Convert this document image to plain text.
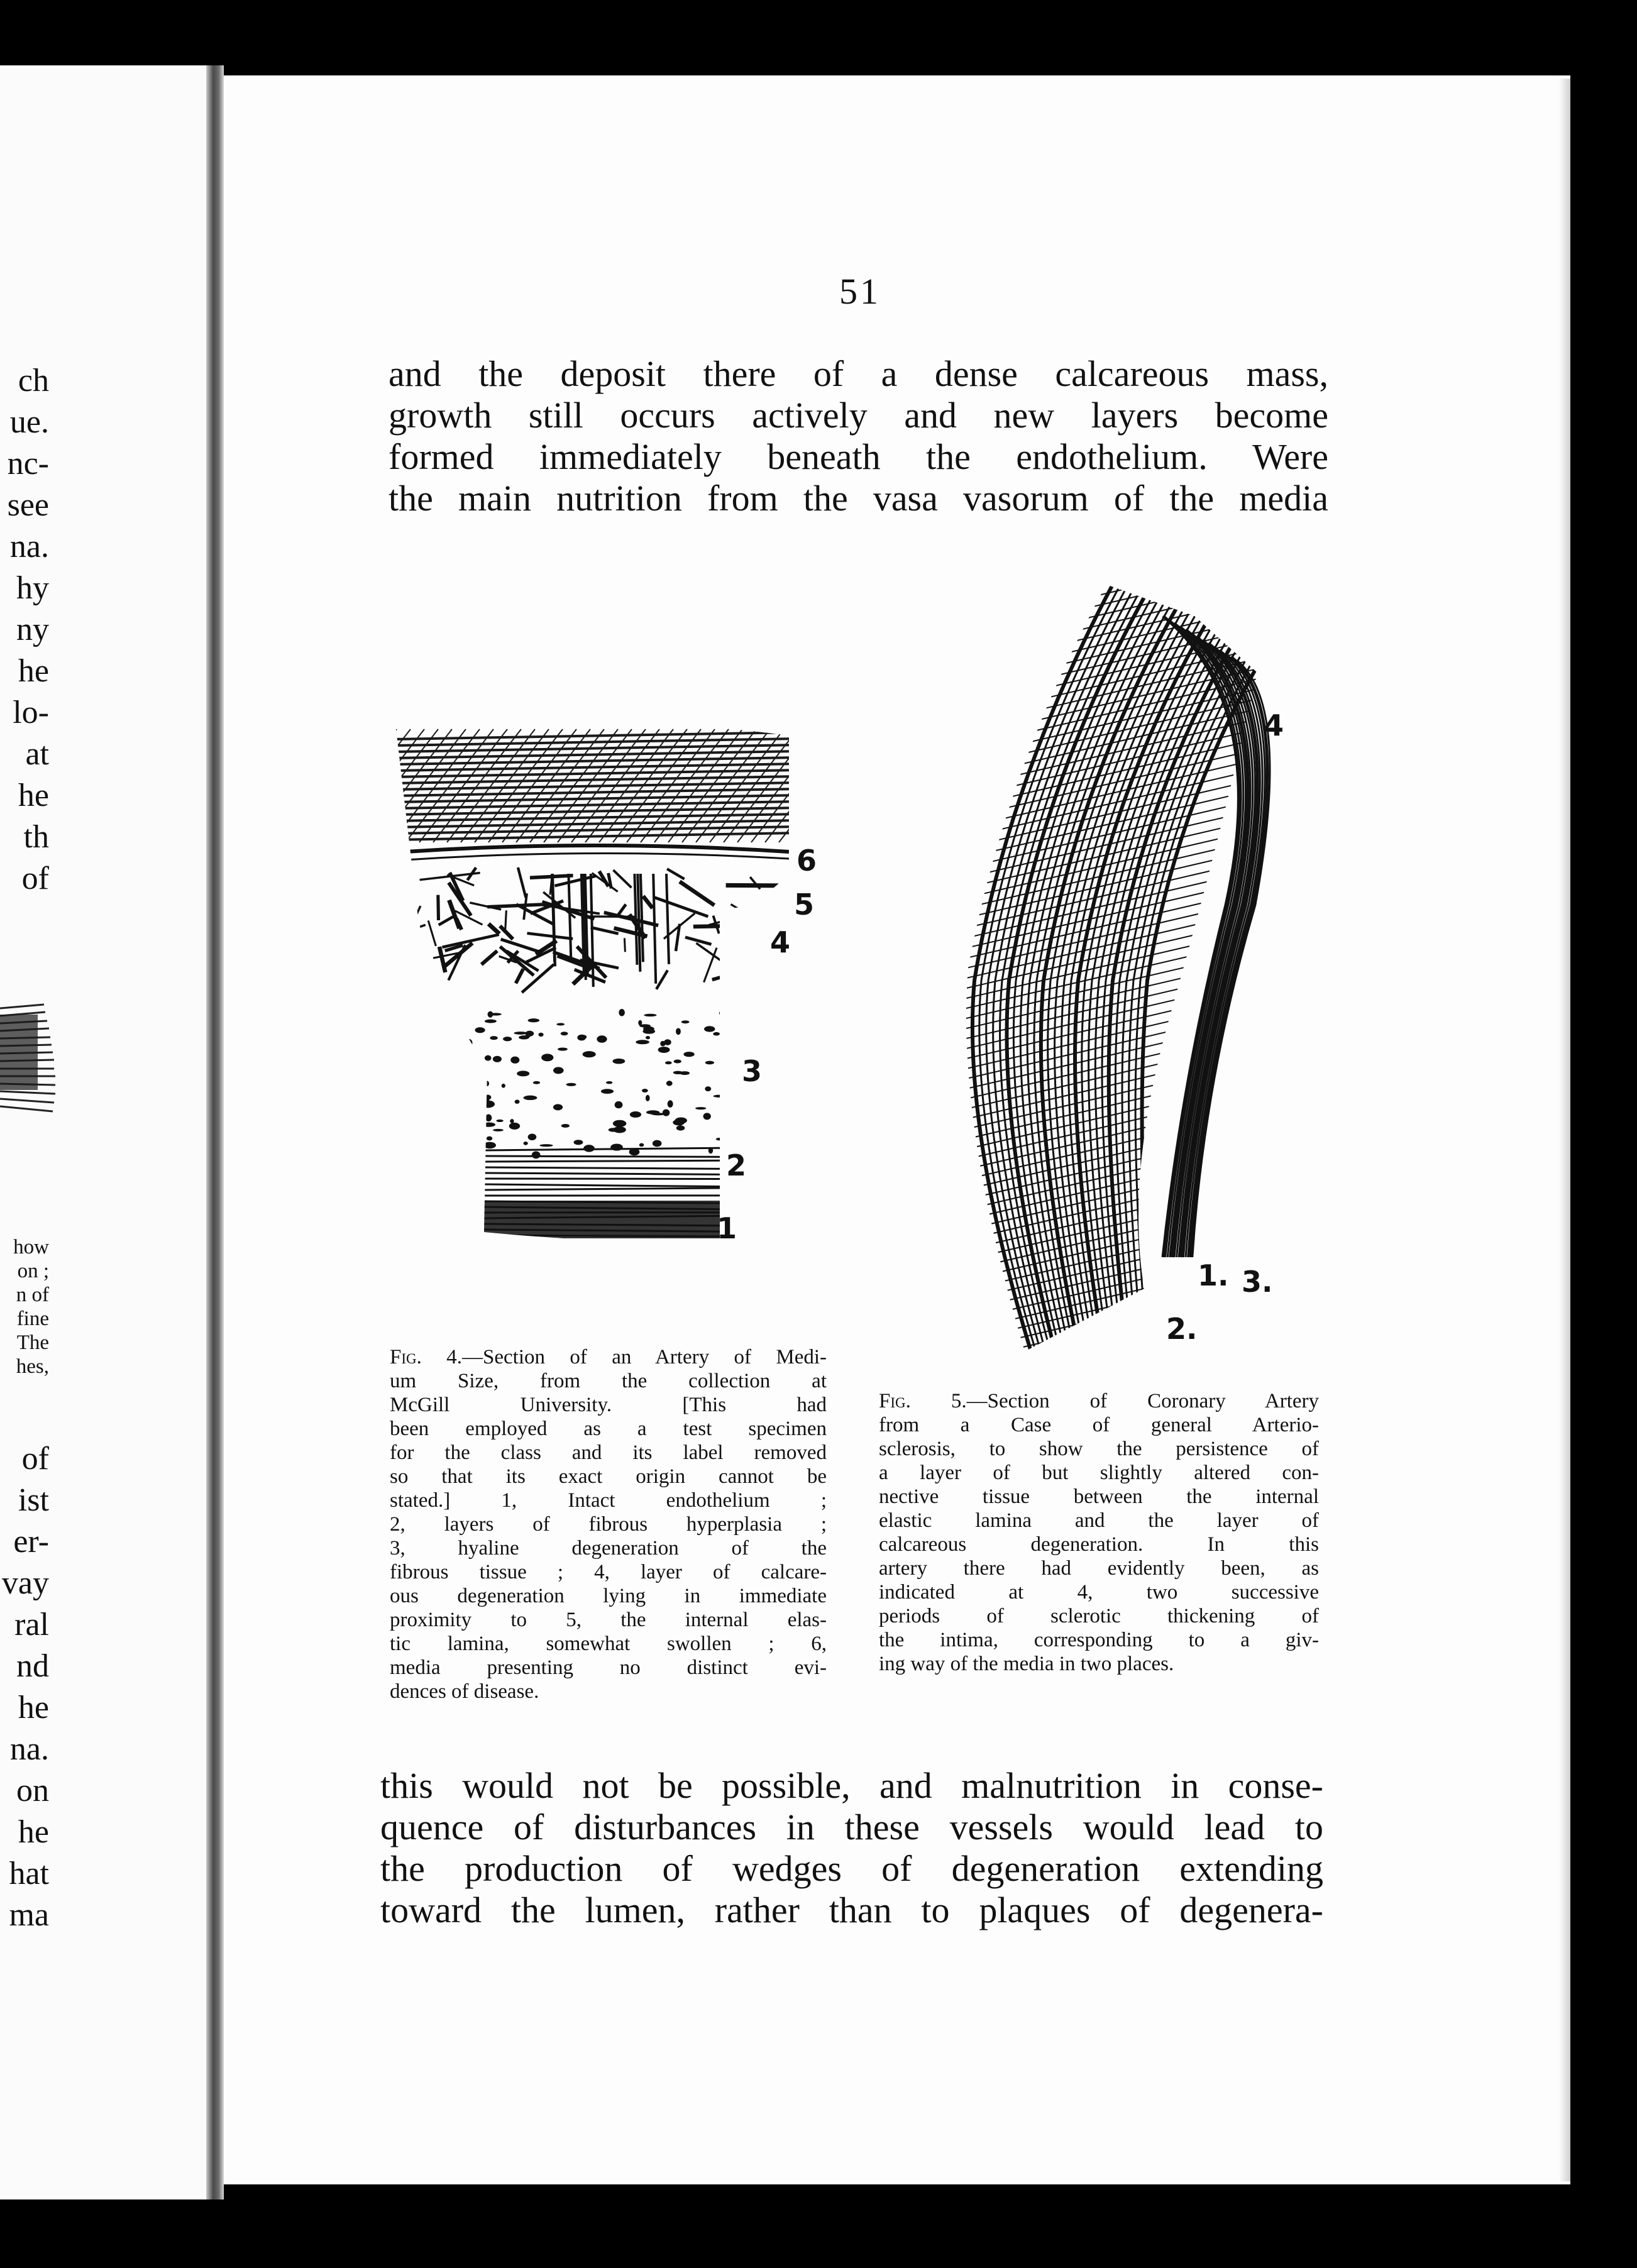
ch
ue.
nc-
see
na.
hy
ny
he
lo-
at
he
th
of
how
on ;
n of
fine
The
hes,
of
ist
er-
vay
ral
nd
he
na.
on
he
hat
ma
51
and the deposit there of a dense calcareous mass,
growth still occurs actively and new layers become
formed immediately beneath the endothelium. Were
the main nutrition from the vasa vasorum of the media
6
5
4
3
2
1
4
1. 3.
2.
Fig. 4.—Section of an Artery of Medi-
um Size, from the collection at
McGill University. [This had
been employed as a test specimen
for the class and its label removed
so that its exact origin cannot be
stated.] 1, Intact endothelium ;
2, layers of fibrous hyperplasia ;
3, hyaline degeneration of the
fibrous tissue ; 4, layer of calcare-
ous degeneration lying in immediate
proximity to 5, the internal elas-
tic lamina, somewhat swollen ; 6,
media presenting no distinct evi-
dences of disease.
Fig. 5.—Section of Coronary Artery
from a Case of general Arterio-
sclerosis, to show the persistence of
a layer of but slightly altered con-
nective tissue between the internal
elastic lamina and the layer of
calcareous degeneration. In this
artery there had evidently been, as
indicated at 4, two successive
periods of sclerotic thickening of
the intima, corresponding to a giv-
ing way of the media in two places.
this would not be possible, and malnutrition in conse-
quence of disturbances in these vessels would lead to
the production of wedges of degeneration extending
toward the lumen, rather than to plaques of degenera-
